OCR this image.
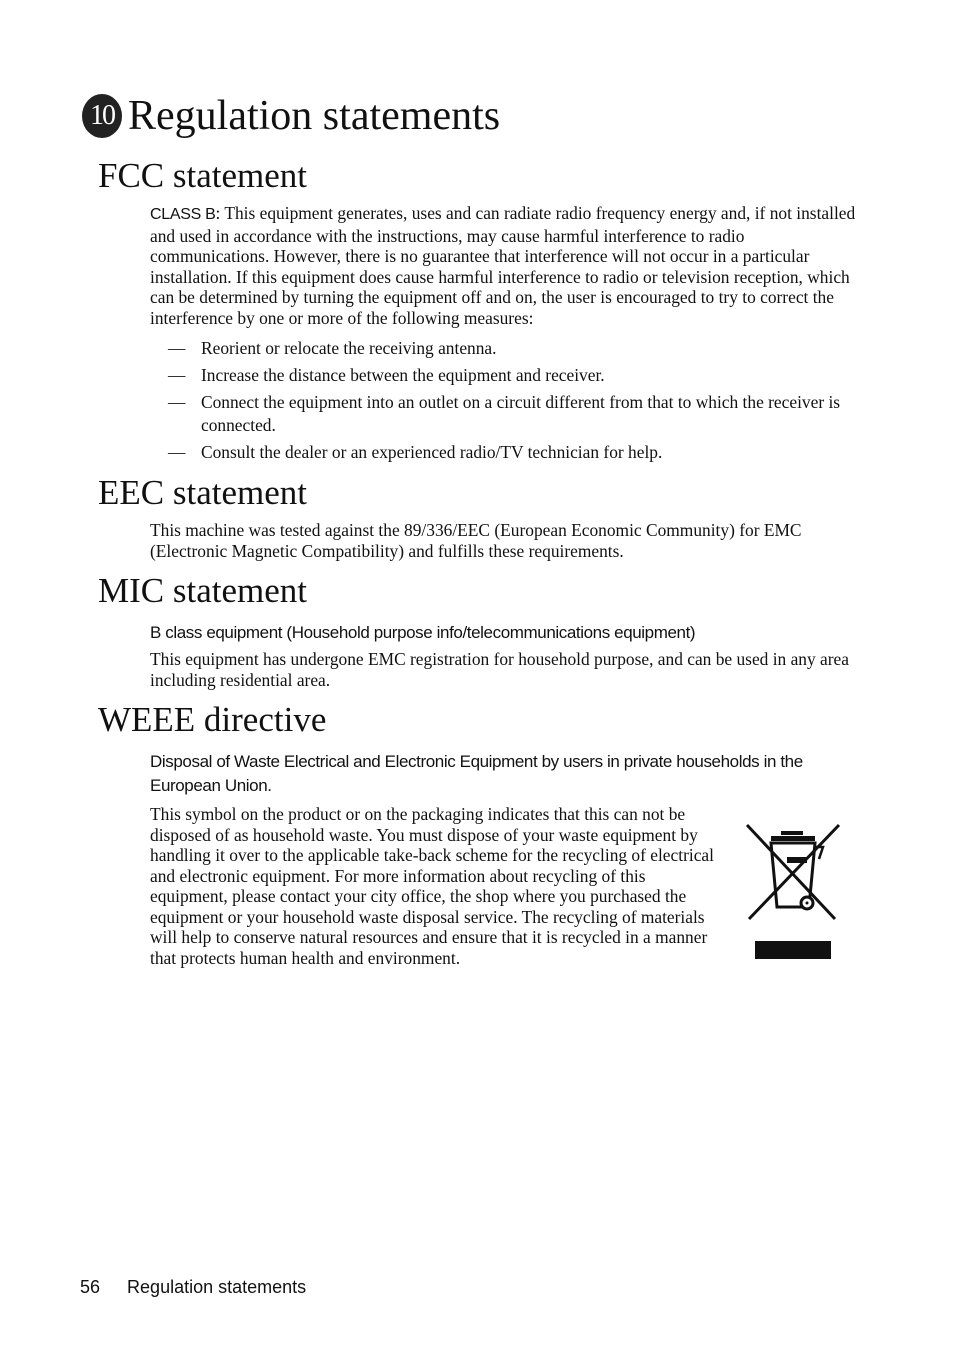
10 Regulation statements
FCC statement

CLASS B: This equipment generates, uses and can radiate radio frequency energy and, if not installed and used in accordance with the instructions, may cause harmful interference to radio communications. However, there is no guarantee that interference will not occur in a particular installation. If this equipment does cause harmful interference to radio or television reception, which can be determined by turning the equipment off and on, the user is encouraged to try to correct the interference by one or more of the following measures:

— Reorient or relocate the receiving antenna.
— Increase the distance between the equipment and receiver.
— Connect the equipment into an outlet on a circuit different from that to which the receiver is connected.
— Consult the dealer or an experienced radio/TV technician for help.
EEC statement

This machine was tested against the 89/336/EEC (European Economic Community) for EMC (Electronic Magnetic Compatibility) and fulfills these requirements.

MIC statement

B class equipment (Household purpose info/telecommunications equipment)

This equipment has undergone EMC registration for household purpose, and can be used in any area including residential area.

WEEE directive

Disposal of Waste Electrical and Electronic Equipment by users in private households in the European Union.

This symbol on the product or on the packaging indicates that this can not be disposed of as household waste. You must dispose of your waste equipment by handling it over to the applicable take-back scheme for the recycling of electrical and electronic equipment. For more information about recycling of this equipment, please contact your city office, the shop where you purchased the equipment or your household waste disposal service. The recycling of materials will help to conserve natural resources and ensure that it is recycled in a manner that protects human health and environment.

56 Regulation statements
